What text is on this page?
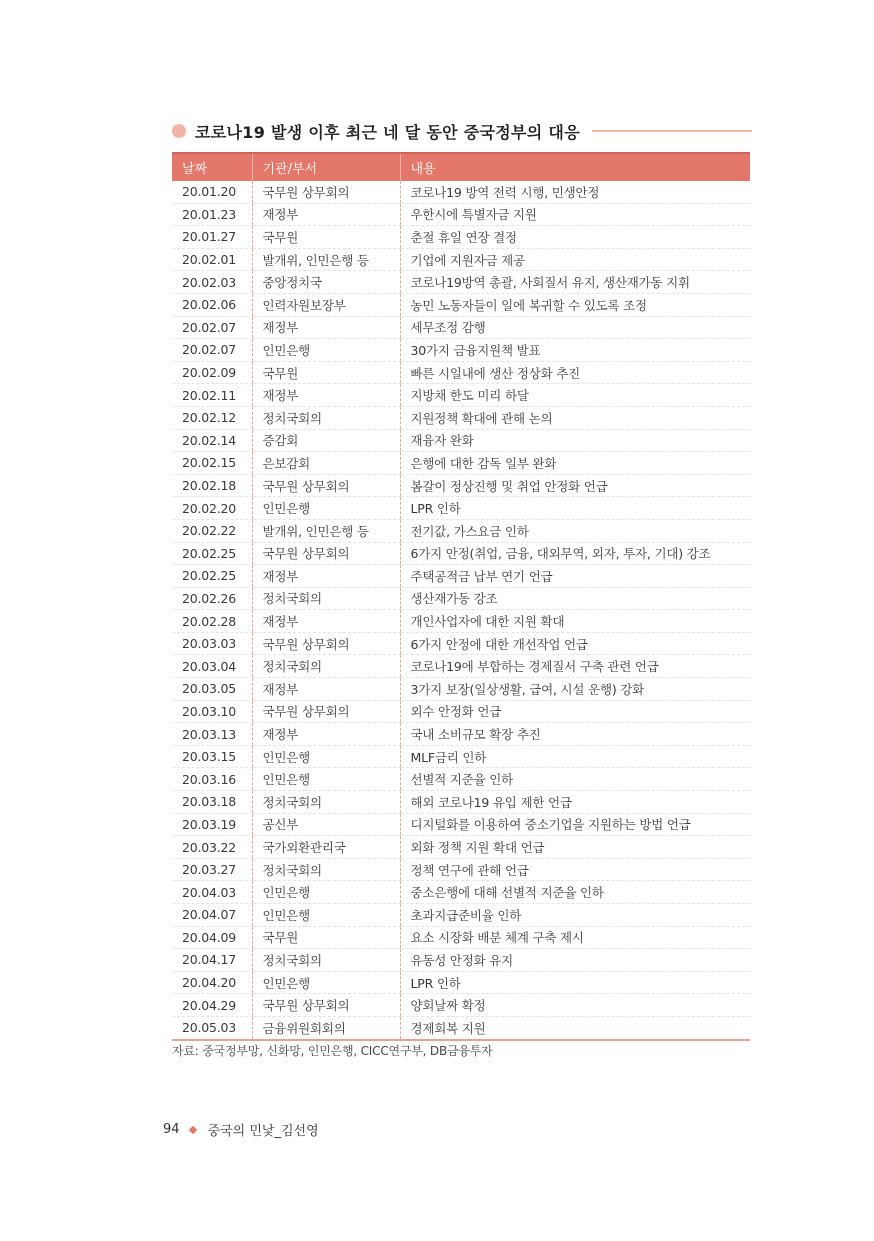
코로나19 발생 이후 최근 네 달 동안 중국정부의 대응
날짜	기관/부서	내용
20.01.20	국무원 상무회의	코로나19 방역 전력 시행, 민생안정
20.01.23	재정부	우한시에 특별자금 지원
20.01.27	국무원	춘절 휴일 연장 결정
20.02.01	발개위, 인민은행 등	기업에 지원자금 제공
20.02.03	중앙정치국	코로나19방역 총괄, 사회질서 유지, 생산재가동 지휘
20.02.06	인력자원보장부	농민 노동자들이 일에 복귀할 수 있도록 조정
20.02.07	재정부	세무조정 감행
20.02.07	인민은행	30가지 금융지원책 발표
20.02.09	국무원	빠른 시일내에 생산 정상화 추진
20.02.11	재정부	지방채 한도 미리 하달
20.02.12	정치국회의	지원정책 확대에 관해 논의
20.02.14	증감회	재융자 완화
20.02.15	은보감회	은행에 대한 감독 일부 완화
20.02.18	국무원 상무회의	봄갈이 정상진행 및 취업 안정화 언급
20.02.20	인민은행	LPR 인하
20.02.22	발개위, 인민은행 등	전기값, 가스요금 인하
20.02.25	국무원 상무회의	6가지 안정(취업, 금융, 대외무역, 외자, 투자, 기대) 강조
20.02.25	재정부	주택공적금 납부 연기 언급
20.02.26	정치국회의	생산재가동 강조
20.02.28	재정부	개인사업자에 대한 지원 확대
20.03.03	국무원 상무회의	6가지 안정에 대한 개선작업 언급
20.03.04	정치국회의	코로나19에 부합하는 경제질서 구축 관련 언급
20.03.05	재정부	3가지 보장(일상생활, 급여, 시설 운행) 강화
20.03.10	국무원 상무회의	외수 안정화 언급
20.03.13	재정부	국내 소비규모 확장 추진
20.03.15	인민은행	MLF금리 인하
20.03.16	인민은행	선별적 지준율 인하
20.03.18	정치국회의	해외 코로나19 유입 제한 언급
20.03.19	공신부	디지털화를 이용하여 중소기업을 지원하는 방법 언급
20.03.22	국가외환관리국	외화 정책 지원 확대 언급
20.03.27	정치국회의	정책 연구에 관해 언급
20.04.03	인민은행	중소은행에 대해 선별적 지준율 인하
20.04.07	인민은행	초과지급준비율 인하
20.04.09	국무원	요소 시장화 배분 체계 구축 제시
20.04.17	정치국회의	유동성 안정화 유지
20.04.20	인민은행	LPR 인하
20.04.29	국무원 상무회의	양회날짜 확정
20.05.03	금융위원회회의	경제회복 지원
자료: 중국정부망, 신화망, 인민은행, CICC연구부, DB금융투자
94 중국의 민낯_김선영
